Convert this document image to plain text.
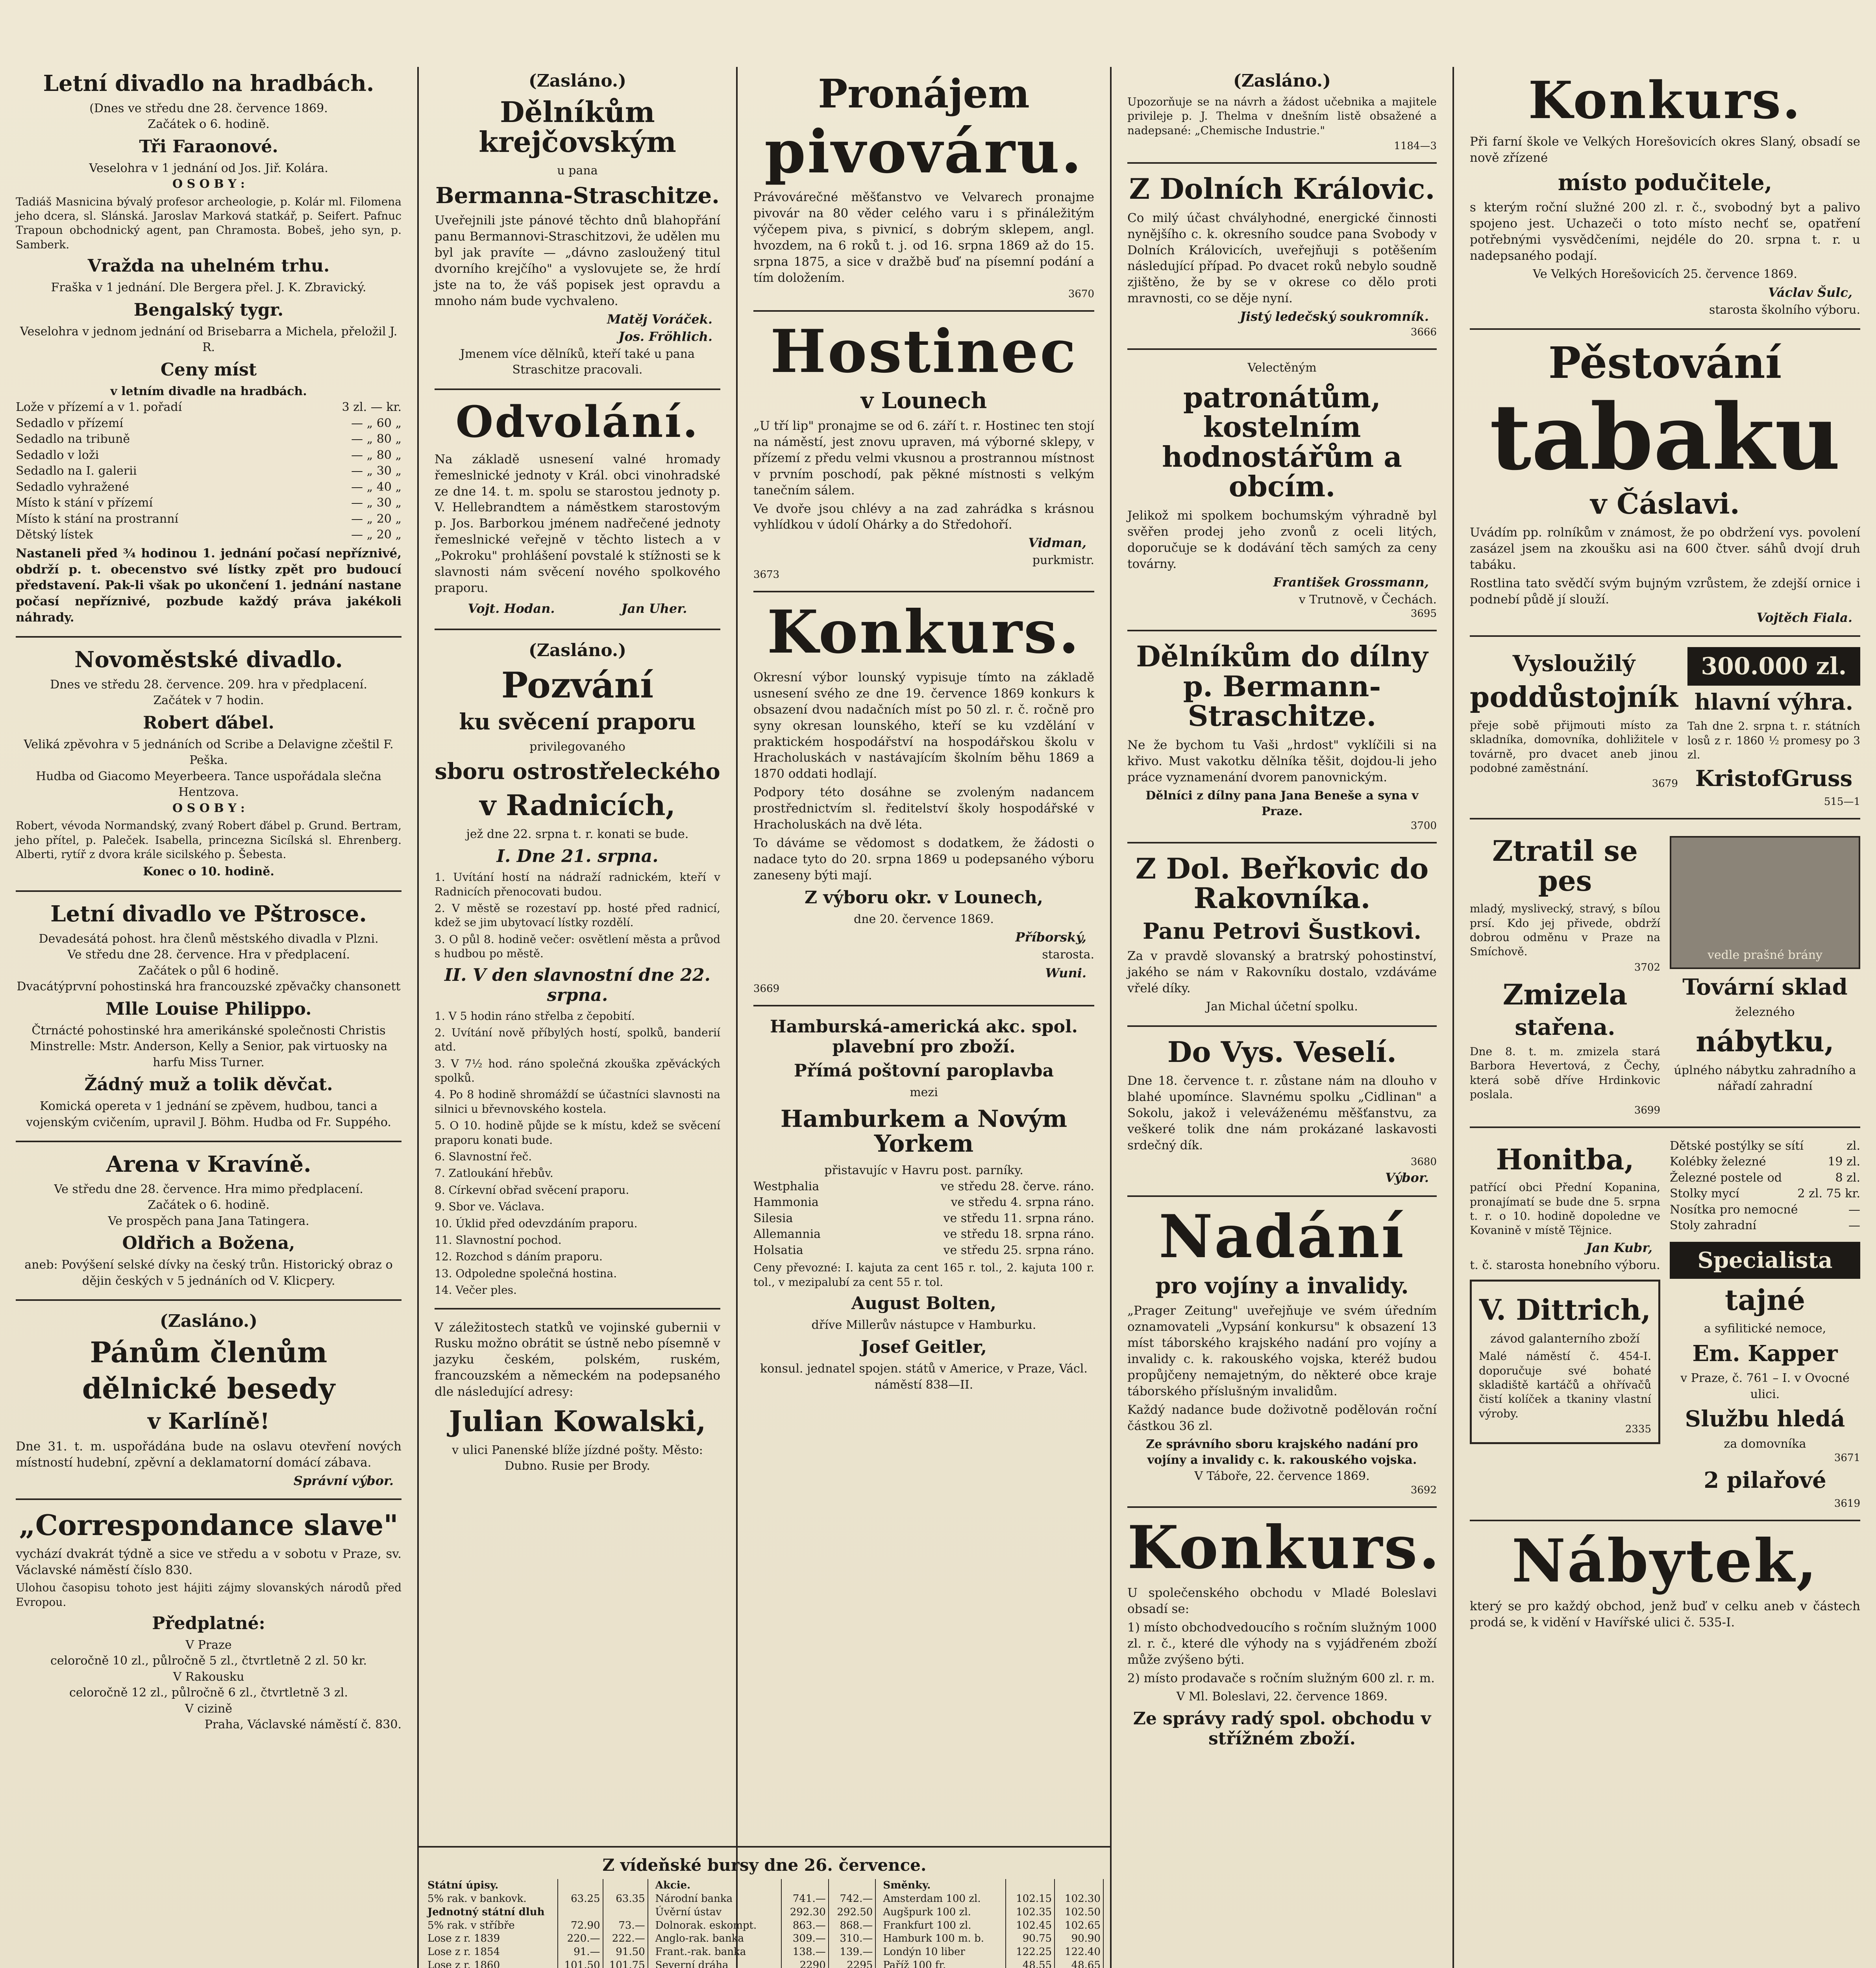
Letní divadlo na hradbách.
(Dnes ve středu dne 28. července 1869.
Začátek o 6. hodině.
Tři Faraonové.
Veselohra v 1 jednání od Jos. Jiř. Kolára.
O S O B Y :
Tadiáš Masnicina bývalý profesor archeologie, p. Kolár ml. Filomena jeho dcera, sl. Slánská. Jaroslav Marková statkář, p. Seifert. Pafnuc Trapoun obchodnický agent, pan Chramosta. Bobeš, jeho syn, p. Samberk.
Vražda na uhelném trhu.
Fraška v 1 jednání. Dle Bergera přel. J. K. Zbravický.
Bengalský tygr.
Veselohra v jednom jednání od Brisebarra a Michela, přeložil J. R.
Ceny míst
v letním divadle na hradbách.
Lože v přízemí a v 1. pořadí	3 zl. — kr.
Sedadlo v přízemí	— „ 60 „
Sedadlo na tribuně	— „ 80 „
Sedadlo v loži	— „ 80 „
Sedadlo na I. galerii	— „ 30 „
Sedadlo vyhražené	— „ 40 „
Místo k stání v přízemí	— „ 30 „
Místo k stání na prostranní	— „ 20 „
Dětský lístek	— „ 20 „
Nastaneli před ¾ hodinou 1. jednání počasí nepříznivé, obdrží p. t. obecenstvo své lístky zpět pro budoucí představení. Pak-li však po ukončení 1. jednání nastane počasí nepříznivé, pozbude každý práva jakékoli náhrady.
Novoměstské divadlo.
Dnes ve středu 28. července. 209. hra v předplacení.
Začátek v 7 hodin.
Robert ďábel.
Veliká zpěvohra v 5 jednáních od Scribe a Delavigne zčeštil F. Peška.
Hudba od Giacomo Meyerbeera. Tance uspořádala slečna Hentzova.
O S O B Y :
Robert, vévoda Normandský, zvaný Robert ďábel p. Grund. Bertram, jeho přítel, p. Paleček. Isabella, princezna Sicílská sl. Ehrenberg. Alberti, rytíř z dvora krále sicilského p. Šebesta.
Konec o 10. hodině.
Letní divadlo ve Pštrosce.
Devadesátá pohost. hra členů městského divadla v Plzni.
Ve středu dne 28. července. Hra v předplacení.
Začátek o půl 6 hodině.
Dvacátýprvní pohostinská hra francouzské zpěvačky chansonett
Mlle Louise Philippo.
Čtrnácté pohostinské hra amerikánské společnosti Christis Minstrelle: Mstr. Anderson, Kelly a Senior, pak virtuosky na harfu Miss Turner.
Žádný muž a tolik děvčat.
Komická opereta v 1 jednání se zpěvem, hudbou, tanci a vojenským cvičením, upravil J. Böhm. Hudba od Fr. Suppého.
Arena v Kravíně.
Ve středu dne 28. července. Hra mimo předplacení.
Začátek o 6. hodině.
Ve prospěch pana Jana Tatingera.
Oldřich a Božena,
aneb: Povýšení selské dívky na český trůn. Historický obraz o dějin českých v 5 jednáních od V. Klicpery.
(Zasláno.)
Pánům členům
dělnické besedy
v Karlíně!
Dne 31. t. m. uspořádána bude na oslavu otevření nových místností hudební, zpěvní a deklamatorní domácí zábava.
Správní výbor.
„Correspondance slave"
vychází dvakrát týdně a sice ve středu a v sobotu v Praze, sv. Václavské náměstí číslo 830.
Ulohou časopisu tohoto jest hájiti zájmy slovanských národů před Evropou.
Předplatné:
V Praze
celoročně 10 zl., půlročně 5 zl., čtvrtletně 2 zl. 50 kr.
V Rakousku
celoročně 12 zl., půlročně 6 zl., čtvrtletně 3 zl.
V cizině
Praha, Václavské náměstí č. 830.
(Zasláno.)
Dělníkům krejčovským
u pana
Bermanna-Straschitze.
Uveřejnili jste pánové těchto dnů blahopřání panu Bermannovi-Straschitzovi, že udělen mu byl jak pravíte — „dávno zasloužený titul dvorního krejčího" a vyslovujete se, že hrdí jste na to, že váš popisek jest opravdu a mnoho nám bude vychvaleno.
Matěj Voráček.
Jos. Fröhlich.
Jmenem více dělníků, kteří také u pana Straschitze pracovali.
Odvolání.
Na základě usnesení valné hromady řemeslnické jednoty v Král. obci vinohradské ze dne 14. t. m. spolu se starostou jednoty p. V. Hellebrandtem a náměstkem starostovým p. Jos. Barborkou jménem nadřečené jednoty řemeslnické veřejně v těchto listech a v „Pokroku" prohlášení povstalé k stížnosti se k slavnosti nám svěcení nového spolkového praporu.
Vojt. Hodan.	Jan Uher.
(Zasláno.)
Pozvání
ku svěcení praporu
privilegovaného
sboru ostrostřeleckého
v Radnicích,
jež dne 22. srpna t. r. konati se bude.
I. Dne 21. srpna.
1. Uvítání hostí na nádraží radnickém, kteří v Radnicích přenocovati budou.
2. V městě se rozestaví pp. hosté před radnicí, kdež se jim ubytovací lístky rozdělí.
3. O půl 8. hodině večer: osvětlení města a průvod s hudbou po městě.
II. V den slavnostní dne 22. srpna.
1. V 5 hodin ráno střelba z čepobití.
2. Uvítání nově příbylých hostí, spolků, banderií atd.
3. V 7½ hod. ráno společná zkouška zpěváckých spolků.
4. Po 8 hodině shromáždí se účastníci slavnosti na silnici u břevnovského kostela.
5. O 10. hodině půjde se k místu, kdež se svěcení praporu konati bude.
6. Slavnostní řeč.
7. Zatloukání hřebův.
8. Církevní obřad svěcení praporu.
9. Sbor ve. Václava.
10. Úklid před odevzdáním praporu.
11. Slavnostní pochod.
12. Rozchod s dáním praporu.
13. Odpoledne společná hostina.
14. Večer ples.
V záležitostech statků ve vojinské gubernii v Rusku možno obrátit se ústně nebo písemně v jazyku českém, polském, ruském, francouzském a německém na podepsaného dle následující adresy:
Julian Kowalski,
v ulici Panenské blíže jízdné pošty. Město: Dubno. Rusie per Brody.
Pronájem
pivováru.
Právovárečné měšťanstvo ve Velvarech pronajme pivovár na 80 věder celého varu i s přináležitým výčepem piva, s pivnicí, s dobrým sklepem, angl. hvozdem, na 6 roků t. j. od 16. srpna 1869 až do 15. srpna 1875, a sice v dražbě buď na písemní podání a tím doložením.
3670
Hostinec
v Lounech
„U tří lip" pronajme se od 6. září t. r. Hostinec ten stojí na náměstí, jest znovu upraven, má výborné sklepy, v přízemí z předu velmi vkusnou a prostrannou místnost v prvním poschodí, pak pěkné místnosti s velkým tanečním sálem.
Ve dvoře jsou chlévy a na zad zahrádka s krásnou vyhlídkou v údolí Ohárky a do Středohoří.
Vidman,
purkmistr.
3673
Konkurs.
Okresní výbor lounský vypisuje tímto na základě usnesení svého ze dne 19. července 1869 konkurs k obsazení dvou nadačních míst po 50 zl. r. č. ročně pro syny okresan lounského, kteří se ku vzdělání v praktickém hospodářství na hospodářskou školu v Hracholuskách v nastávajícím školním běhu 1869 a 1870 oddati hodlají.
Podpory této dosáhne se zvoleným nadancem prostřednictvím sl. ředitelství školy hospodářské v Hracholuskách na dvě léta.
To dáváme se vědomost s dodatkem, že žádosti o nadace tyto do 20. srpna 1869 u podepsaného výboru zaneseny býti mají.
Z výboru okr. v Lounech,
dne 20. července 1869.
Příborský,
starosta.
Wuni.
3669
Hamburská-americká akc. spol. plavební pro zboží.
Přímá poštovní paroplavba
mezi
Hamburkem a Novým Yorkem
přistavujíc v Havru post. parníky.
Westphalia	ve středu 28. červe. ráno.
Hammonia	ve středu 4. srpna ráno.
Silesia	ve středu 11. srpna ráno.
Allemannia	ve středu 18. srpna ráno.
Holsatia	ve středu 25. srpna ráno.
Ceny převozné: I. kajuta za cent 165 r. tol., 2. kajuta 100 r. tol., v mezipalubí za cent 55 r. tol.
August Bolten,
dříve Millerův nástupce v Hamburku.
Josef Geitler,
konsul. jednatel spojen. států v Americe, v Praze, Václ. náměstí 838—II.
(Zasláno.)
Upozorňuje se na návrh a žádost učebnika a majitele privileje p. J. Thelma v dnešním listě obsažené a nadepsané: „Chemische Industrie."
1184—3
Z Dolních Královic.
Co milý účast chvályhodné, energické činnosti nynějšího c. k. okresního soudce pana Svobody v Dolních Královicích, uveřejňuji s potěšením následující případ. Po dvacet roků nebylo soudně zjištěno, že by se v okrese co dělo proti mravnosti, co se děje nyní.
Jistý ledečský soukromník.
3666
Velectěným
patronátům, kostelním hodnostářům a obcím.
Jelikož mi spolkem bochumským výhradně byl svěřen prodej jeho zvonů z oceli litých, doporučuje se k dodávání těch samých za ceny továrny.
František Grossmann,
v Trutnově, v Čechách.
3695
Dělníkům do dílny p. Bermann-Straschitze.
Ne že bychom tu Vaši „hrdost" vyklíčili si na křivo. Must vakotku dělníka těšit, dojdou-li jeho práce vyznamenání dvorem panovnickým.
Dělníci z dílny pana Jana Beneše a syna v Praze.
3700
Z Dol. Beřkovic do Rakovníka.
Panu Petrovi Šustkovi.
Za v pravdě slovanský a bratrský pohostinství, jakého se nám v Rakovníku dostalo, vzdáváme vřelé díky.
Jan Michal účetní spolku.
Do Vys. Veselí.
Dne 18. července t. r. zůstane nám na dlouho v blahé upomínce. Slavnému spolku „Cidlinan" a Sokolu, jakož i veleváženému měšťanstvu, za veškeré tolik dne nám prokázané laskavosti srdečný dík.
3680
Výbor.
Nadání
pro vojíny a invalidy.
„Prager Zeitung" uveřejňuje ve svém úředním oznamovateli „Vypsání konkursu" k obsazení 13 míst táborského krajského nadání pro vojíny a invalidy c. k. rakouského vojska, kteréž budou propůjčeny nemajetným, do některé obce kraje táborského příslušným invalidům.
Každý nadance bude doživotně podělován roční částkou 36 zl.
Ze správního sboru krajského nadání pro vojíny a invalidy c. k. rakouského vojska.
V Táboře, 22. července 1869.
3692
Konkurs.
U společenského obchodu v Mladé Boleslavi obsadí se:
1) místo obchodvedoucího s ročním služným 1000 zl. r. č., které dle výhody na s vyjádřeném zboží může zvýšeno býti.
2) místo prodavače s ročním služným 600 zl. r. m.
V Ml. Boleslavi, 22. července 1869.
Ze správy radý spol. obchodu v střížném zboží.
Konkurs.
Při farní škole ve Velkých Horešovicích okres Slaný, obsadí se nově zřízené
místo podučitele,
s kterým roční služné 200 zl. r. č., svobodný byt a palivo spojeno jest. Uchazeči o toto místo nechť se, opatření potřebnými vysvědčeními, nejdéle do 20. srpna t. r. u nadepsaného podají.
Ve Velkých Horešovicích 25. července 1869.
Václav Šulc,
starosta školního výboru.
Pěstování
tabaku
v Čáslavi.
Uvádím pp. rolníkům v známost, že po obdržení vys. povolení zasázel jsem na zkoušku asi na 600 čtver. sáhů dvojí druh tabáku.
Rostlina tato svědčí svým bujným vzrůstem, že zdejší ornice i podnebí půdě jí slouží.
Vojtěch Fiala.
Vysloužilý
poddůstojník
přeje sobě přijmouti místo za skladníka, domovníka, dohližitele v továrně, pro dvacet aneb jinou podobné zaměstnání.
3679
300.000 zl.
hlavní výhra.
Tah dne 2. srpna t. r. státních losů z r. 1860 ½ promesy po 3 zl.
KristofGruss
515—1
Ztratil se pes
mladý, myslivecký, stravý, s bílou prsí. Kdo jej přivede, obdrží dobrou odměnu v Praze na Smíchově.
3702
Zmizela
stařena.
Dne 8. t. m. zmizela stará Barbora Hevertová, z Čechy, která sobě dříve Hrdinkovic poslala.
3699
vedle prašné brány
Tovární sklad
železného
nábytku,
úplného nábytku zahradního a nářadí zahradní
Honitba,
patřící obci Přední Kopanina, pronajímatí se bude dne 5. srpna t. r. o 10. hodině dopoledne ve Kovanině v místě Tějnice.
Jan Kubr,
t. č. starosta honebního výboru.
V. Dittrich,
závod galanterního zboží
Malé náměstí č. 454-I. doporučuje své bohaté skladiště kartáčů a ohřívačů čistí kolíček a tkaniny vlastní výroby.
2335
Dětské postýlky se sítí	zl.
Kolébky železné	19 zl.
Železné postele od	8 zl.
Stolky mycí	2 zl. 75 kr.
Nosítka pro nemocné	—
Stoly zahradní	—
Specialista
tajné
a syfilitické nemoce,
Em. Kapper
v Praze, č. 761 – I. v Ovocné ulici.
Službu hledá
za domovníka
3671
2 pilařové
3619
Nábytek,
který se pro každý obchod, jenž buď v celku aneb v částech prodá se, k vidění v Havířské ulici č. 535-I.
Z vídeňské bursy dne 26. července.
Státní úpisy.		
5% rak. v bankovk.	63.25	63.35
Jednotný státní dluh		
5% rak. v stříbře	72.90	73.—
Lose z r. 1839	220.—	222.—
Lose z r. 1854	91.—	91.50
Lose z r. 1860	101.50	101.75

Akcie.		
Národní banka	741.—	742.—
Úvěrní ústav	292.30	292.50
Dolnorak. eskompt.	863.—	868.—
Anglo-rak. banka	309.—	310.—
Frant.-rak. banka	138.—	139.—
Severní dráha	2290	2295

Směnky.		
Amsterdam 100 zl.	102.15	102.30
Augšpurk 100 zl.	102.35	102.50
Frankfurt 100 zl.	102.45	102.65
Hamburk 100 m. b.	90.75	90.90
Londýn 10 liber	122.25	122.40
Paříž 100 fr.	48.55	48.65
